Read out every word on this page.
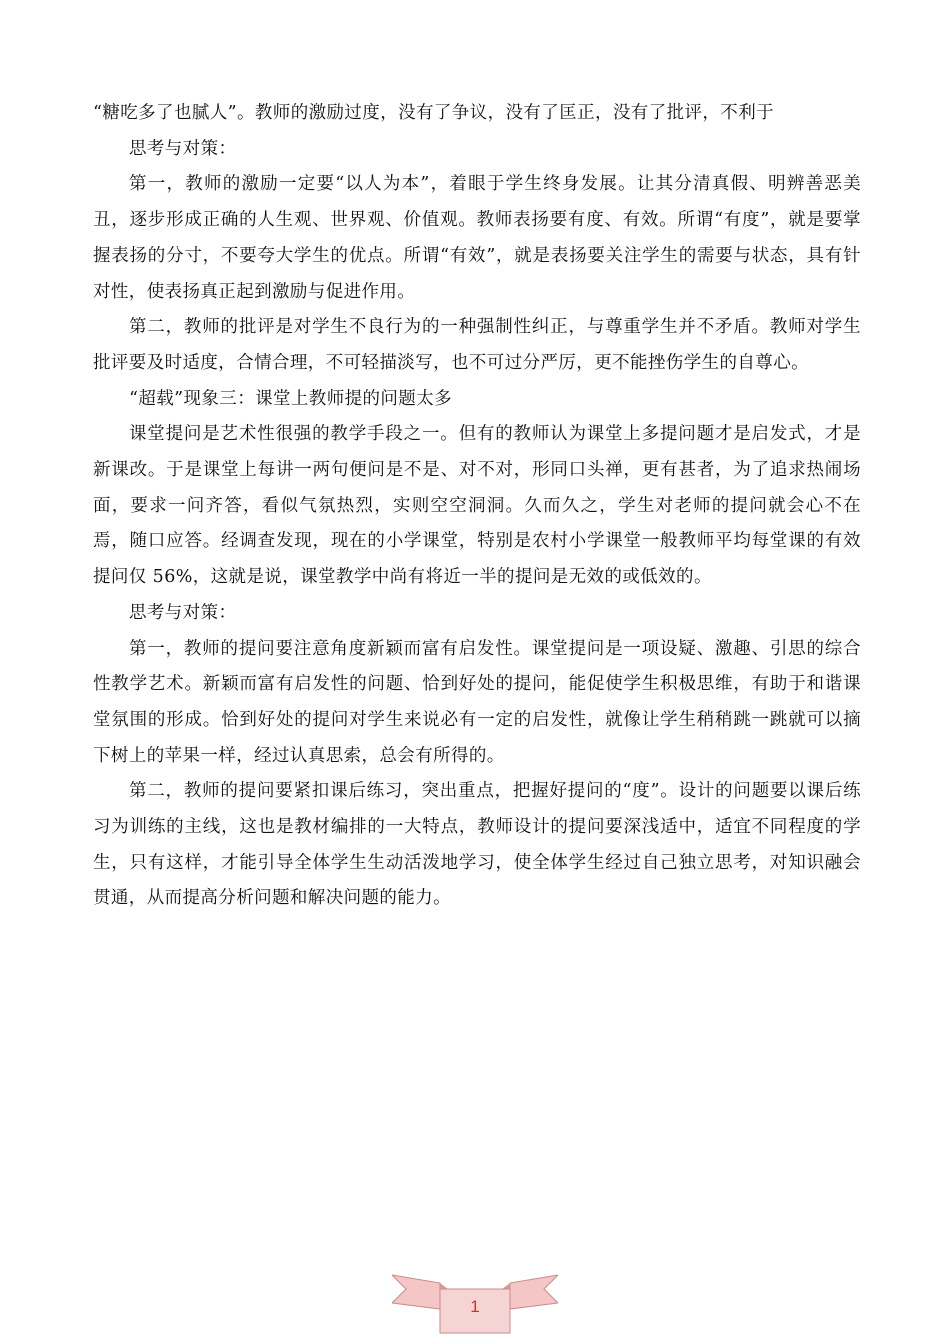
“糖吃多了也腻人”。教师的激励过度，没有了争议，没有了匡正，没有了批评，不利于

思考与对策：

第一，教师的激励一定要“以人为本”，着眼于学生终身发展。让其分清真假、明辨善恶美丑，逐步形成正确的人生观、世界观、价值观。教师表扬要有度、有效。所谓“有度”，就是要掌握表扬的分寸，不要夸大学生的优点。所谓“有效”，就是表扬要关注学生的需要与状态，具有针对性，使表扬真正起到激励与促进作用。

第二，教师的批评是对学生不良行为的一种强制性纠正，与尊重学生并不矛盾。教师对学生批评要及时适度，合情合理，不可轻描淡写，也不可过分严厉，更不能挫伤学生的自尊心。

“超载”现象三：课堂上教师提的问题太多

课堂提问是艺术性很强的教学手段之一。但有的教师认为课堂上多提问题才是启发式，才是新课改。于是课堂上每讲一两句便问是不是、对不对，形同口头禅，更有甚者，为了追求热闹场面，要求一问齐答，看似气氛热烈，实则空空洞洞。久而久之，学生对老师的提问就会心不在焉，随口应答。经调查发现，现在的小学课堂，特别是农村小学课堂一般教师平均每堂课的有效提问仅 56%，这就是说，课堂教学中尚有将近一半的提问是无效的或低效的。

思考与对策：

第一，教师的提问要注意角度新颖而富有启发性。课堂提问是一项设疑、激趣、引思的综合性教学艺术。新颖而富有启发性的问题、恰到好处的提问，能促使学生积极思维，有助于和谐课堂氛围的形成。恰到好处的提问对学生来说必有一定的启发性，就像让学生稍稍跳一跳就可以摘下树上的苹果一样，经过认真思索，总会有所得的。

第二，教师的提问要紧扣课后练习，突出重点，把握好提问的“度”。设计的问题要以课后练习为训练的主线，这也是教材编排的一大特点，教师设计的提问要深浅适中，适宜不同程度的学生，只有这样，才能引导全体学生生动活泼地学习，使全体学生经过自己独立思考，对知识融会贯通，从而提高分析问题和解决问题的能力。

1
